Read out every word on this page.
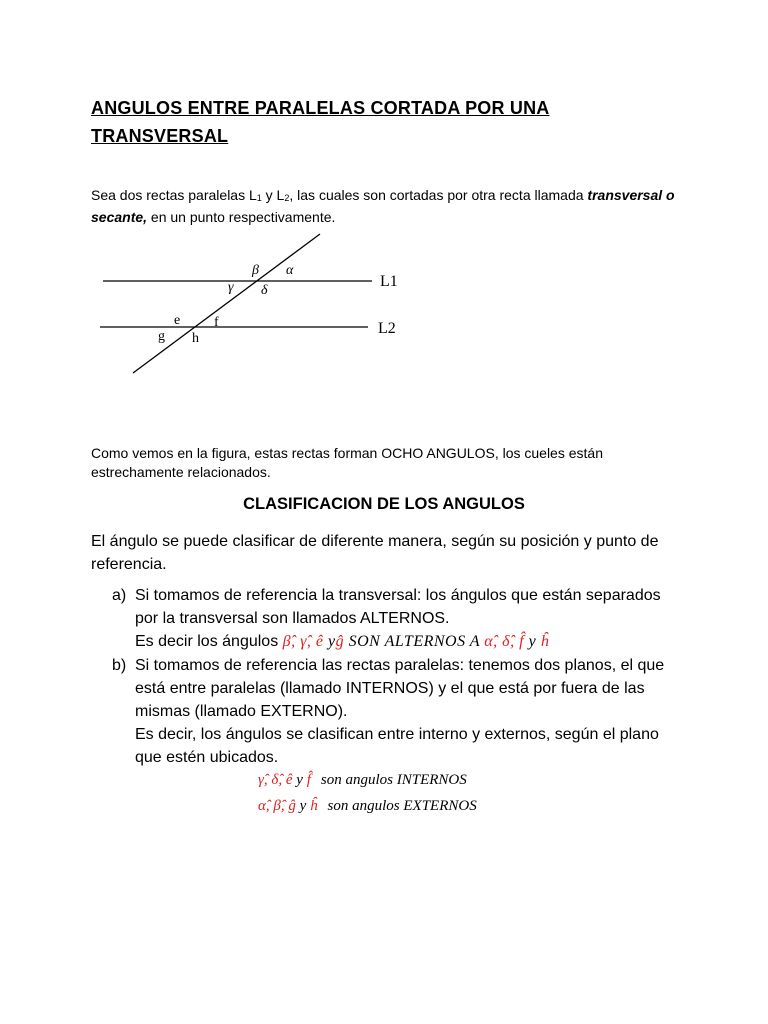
ANGULOS ENTRE PARALELAS CORTADA POR UNA TRANSVERSAL
Sea dos rectas paralelas $L_1$ y $L_2$, las cuales son cortadas por otra recta llamada transversal o secante, en un punto respectivamente.
L1
L2
β α
γ δ
e f
g h
Como vemos en la figura, estas rectas forman OCHO ANGULOS, los cueles están estrechamente relacionados.
CLASIFICACION DE LOS ANGULOS
El ángulo se puede clasificar de diferente manera, según su posición y punto de referencia.
a) Si tomamos de referencia la transversal: los ángulos que están separados por la transversal son llamados ALTERNOS.
Es decir los ángulos β̂, γ̂, ê yĝ SON ALTERNOS A α̂, δ̂, f̂ y ĥ
b) Si tomamos de referencia las rectas paralelas: tenemos dos planos, el que está entre paralelas (llamado INTERNOS) y el que está por fuera de las mismas (llamado EXTERNO).
Es decir, los ángulos se clasifican entre interno y externos, según el plano que estén ubicados.
γ̂, δ̂, ê y f̂ son angulos INTERNOS
α̂, β̂, ĝ y ĥ son angulos EXTERNOS
